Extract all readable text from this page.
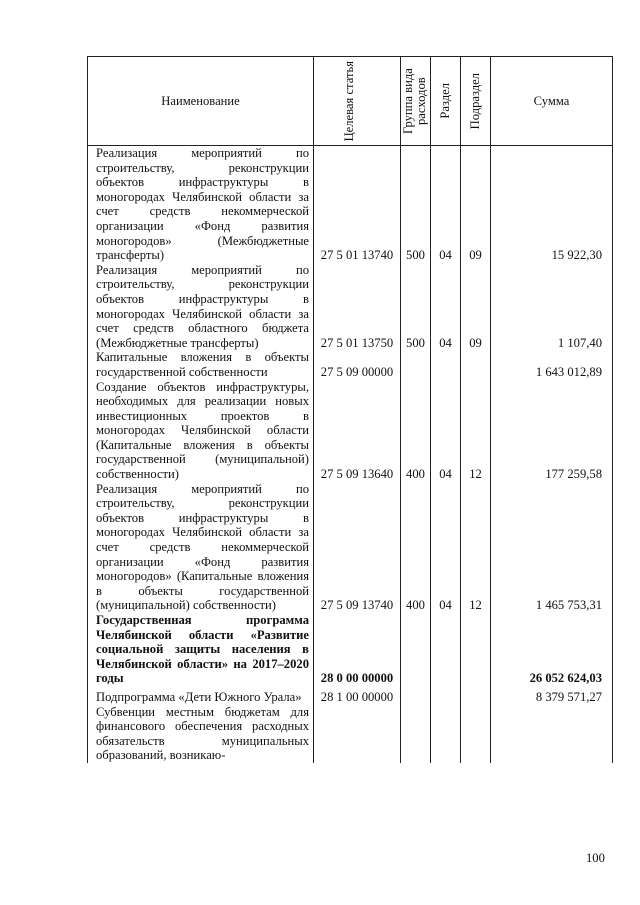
Наименование	Целевая статья	Группа вида расходов	Раздел	Подраздел	Сумма
Реализация мероприятий по строительству, реконструкции объектов инфраструктуры в моногородах Челябинской области за счет средств некоммерческой организации «Фонд развития моногородов» (Межбюджетные трансферты)	27 5 01 13740	500	04	09	15 922,30
Реализация мероприятий по строительству, реконструкции объектов инфраструктуры в моногородах Челябинской области за счет средств областного бюджета (Межбюджетные трансферты)	27 5 01 13750	500	04	09	1 107,40
Капитальные вложения в объекты государственной собственности	27 5 09 00000				1 643 012,89
Создание объектов инфраструктуры, необходимых для реализации новых инвестиционных проектов в моногородах Челябинской области (Капитальные вложения в объекты государственной (муниципальной) собственности)	27 5 09 13640	400	04	12	177 259,58
Реализация мероприятий по строительству, реконструкции объектов инфраструктуры в моногородах Челябинской области за счет средств некоммерческой организации «Фонд развития моногородов» (Капитальные вложения в объекты государственной (муниципальной) собственности)	27 5 09 13740	400	04	12	1 465 753,31
Государственная программа Челябинской области «Развитие социальной защиты населения в Челябинской области» на 2017–2020 годы	28 0 00 00000				26 052 624,03
Подпрограмма «Дети Южного Урала»	28 1 00 00000				8 379 571,27
Субвенции местным бюджетам для финансового обеспечения расходных обязательств муниципальных образований, возникаю-					
100
